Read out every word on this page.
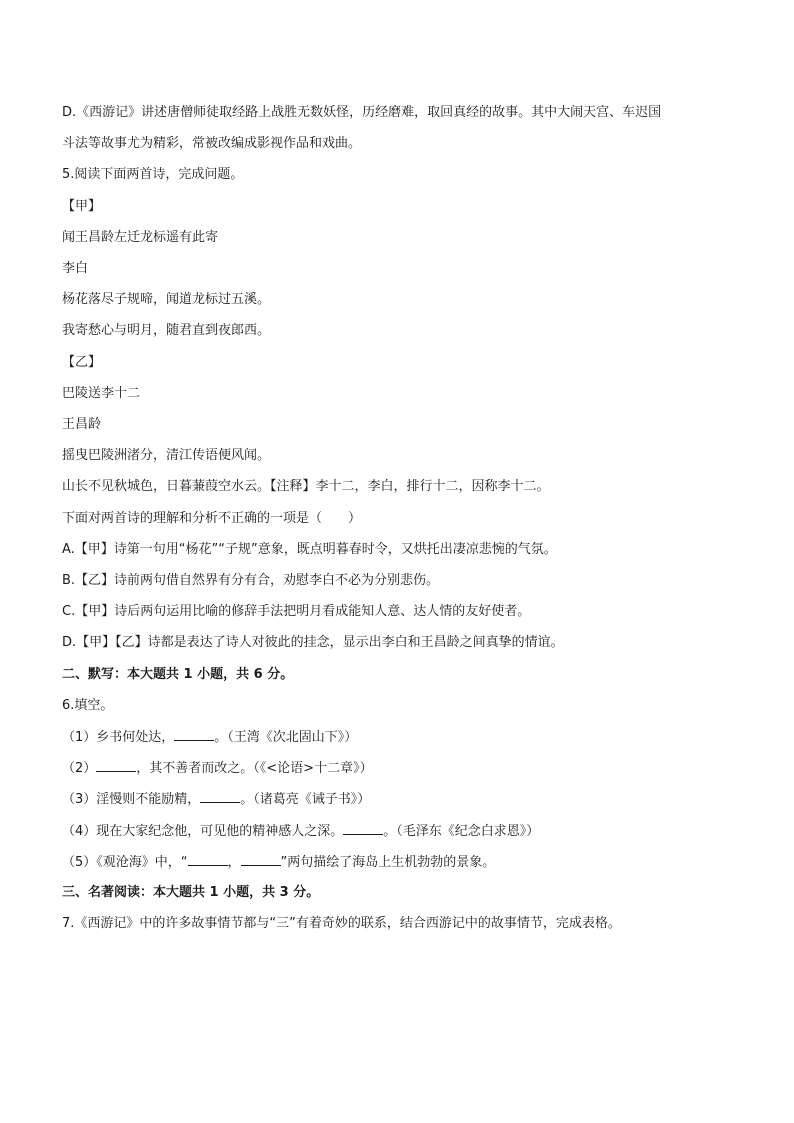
D.《西游记》讲述唐僧师徒取经路上战胜无数妖怪，历经磨难，取回真经的故事。其中大闹天宫、车迟国
斗法等故事尤为精彩，常被改编成影视作品和戏曲。
5.阅读下面两首诗，完成问题。
【甲】
闻王昌龄左迁龙标遥有此寄
李白
杨花落尽子规啼，闻道龙标过五溪。
我寄愁心与明月，随君直到夜郎西。
【乙】
巴陵送李十二
王昌龄
摇曳巴陵洲渚分，清江传语便风闻。
山长不见秋城色，日暮蒹葭空水云。【注释】李十二，李白，排行十二，因称李十二。
下面对两首诗的理解和分析不正确的一项是（　　）
A.【甲】诗第一句用“杨花”“子规”意象，既点明暮春时令，又烘托出凄凉悲惋的气氛。
B.【乙】诗前两句借自然界有分有合，劝慰李白不必为分别悲伤。
C.【甲】诗后两句运用比喻的修辞手法把明月看成能知人意、达人情的友好使者。
D.【甲】【乙】诗都是表达了诗人对彼此的挂念，显示出李白和王昌龄之间真挚的情谊。
二、默写：本大题共 1 小题，共 6 分。
6.填空。
（1）乡书何处达，	。（王湾《次北固山下》）
（2）	，其不善者而改之。（《<论语>十二章》）
（3）淫慢则不能励精，	。（诸葛亮《诫子书》）
（4）现在大家纪念他，可见他的精神感人之深。	。（毛泽东《纪念白求恩》）
（5）《观沧海》中，“	，	”两句描绘了海岛上生机勃勃的景象。
三、名著阅读：本大题共 1 小题，共 3 分。
7.《西游记》中的许多故事情节都与“三”有着奇妙的联系，结合西游记中的故事情节，完成表格。
